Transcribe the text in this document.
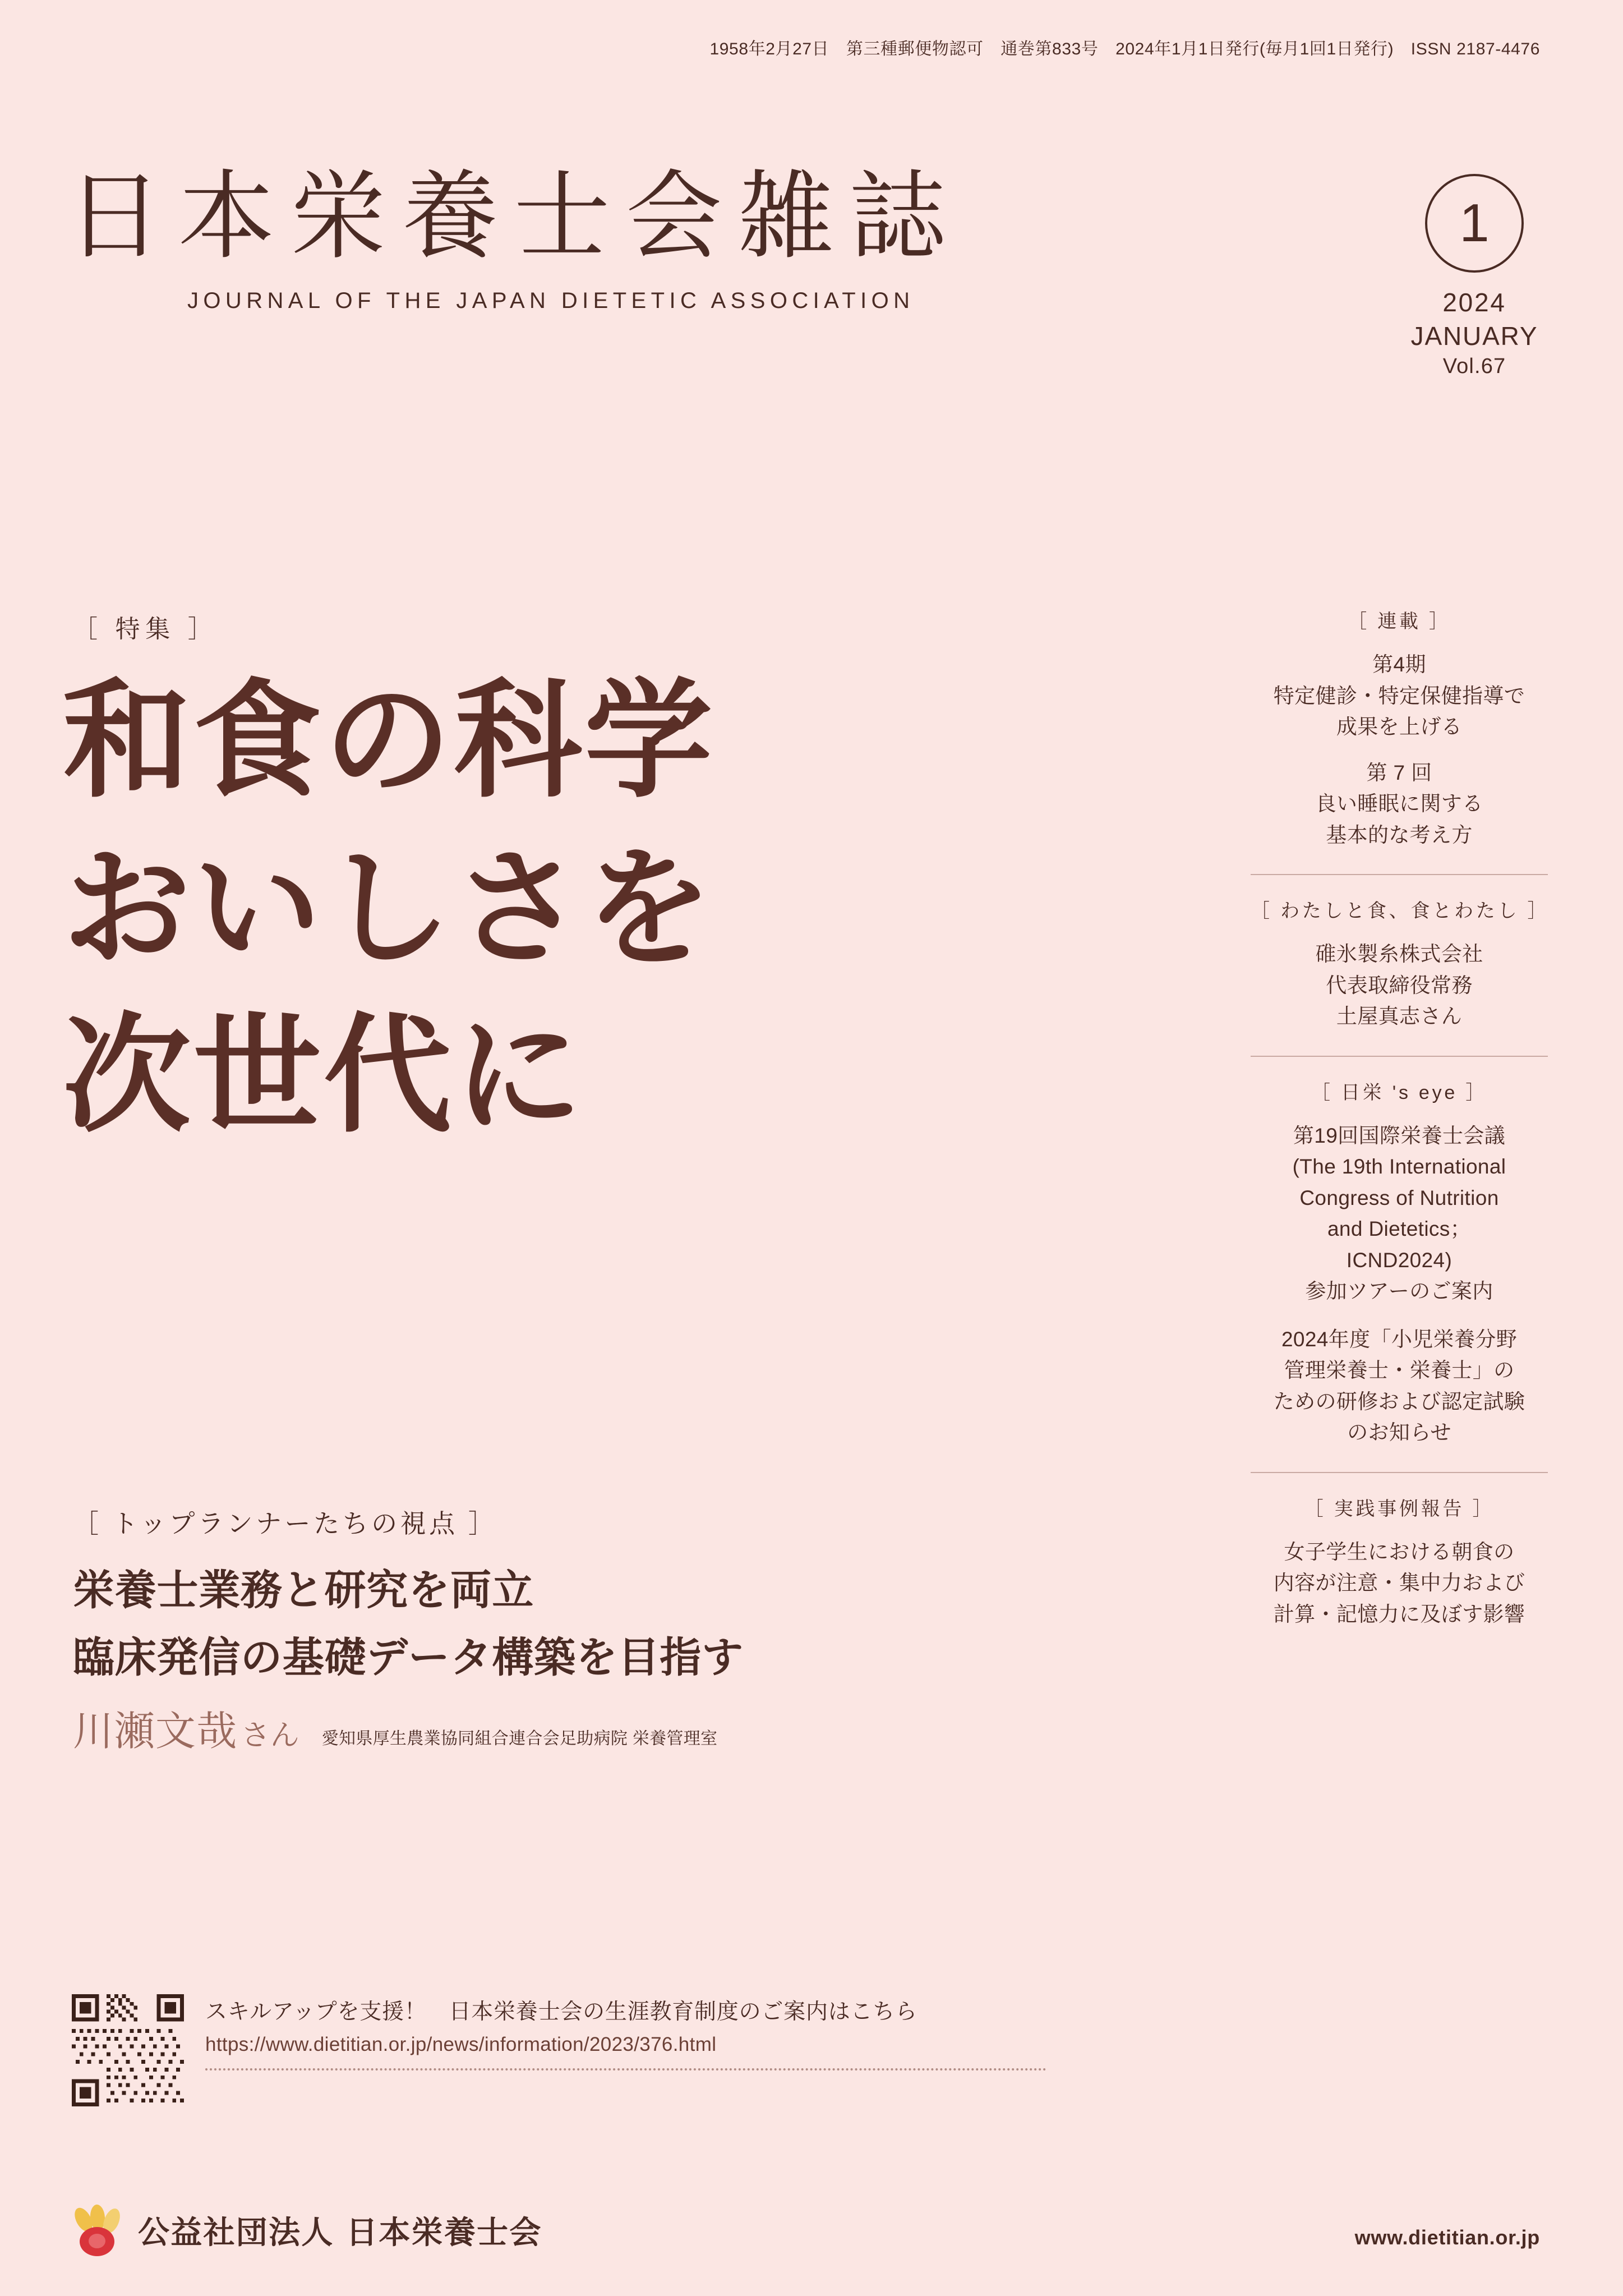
1958年2月27日　第三種郵便物認可　通巻第833号　2024年1月1日発行(毎月1回1日発行)　ISSN 2187-4476
日本栄養士会雑誌
JOURNAL OF THE JAPAN DIETETIC ASSOCIATION
1
2024
JANUARY
Vol.67
［ 特集 ］
和食の科学
おいしさを
次世代に
［ トップランナーたちの視点 ］
栄養士業務と研究を両立
臨床発信の基礎データ構築を目指す
川瀬文哉 さん 愛知県厚生農業協同組合連合会足助病院 栄養管理室
［ 連載 ］
第4期
特定健診・特定保健指導で
成果を上げる
第 7 回
良い睡眠に関する
基本的な考え方
［ わたしと食、食とわたし ］
碓氷製糸株式会社
代表取締役常務
土屋真志さん
［ 日栄 's eye ］
第19回国際栄養士会議
(The 19th International
Congress of Nutrition
and Dietetics；
ICND2024)
参加ツアーのご案内
2024年度「小児栄養分野
管理栄養士・栄養士」の
ための研修および認定試験
のお知らせ
［ 実践事例報告 ］
女子学生における朝食の
内容が注意・集中力および
計算・記憶力に及ぼす影響
スキルアップを支援！　日本栄養士会の生涯教育制度のご案内はこちら
https://www.dietitian.or.jp/news/information/2023/376.html
公益社団法人 日本栄養士会	www.dietitian.or.jp
